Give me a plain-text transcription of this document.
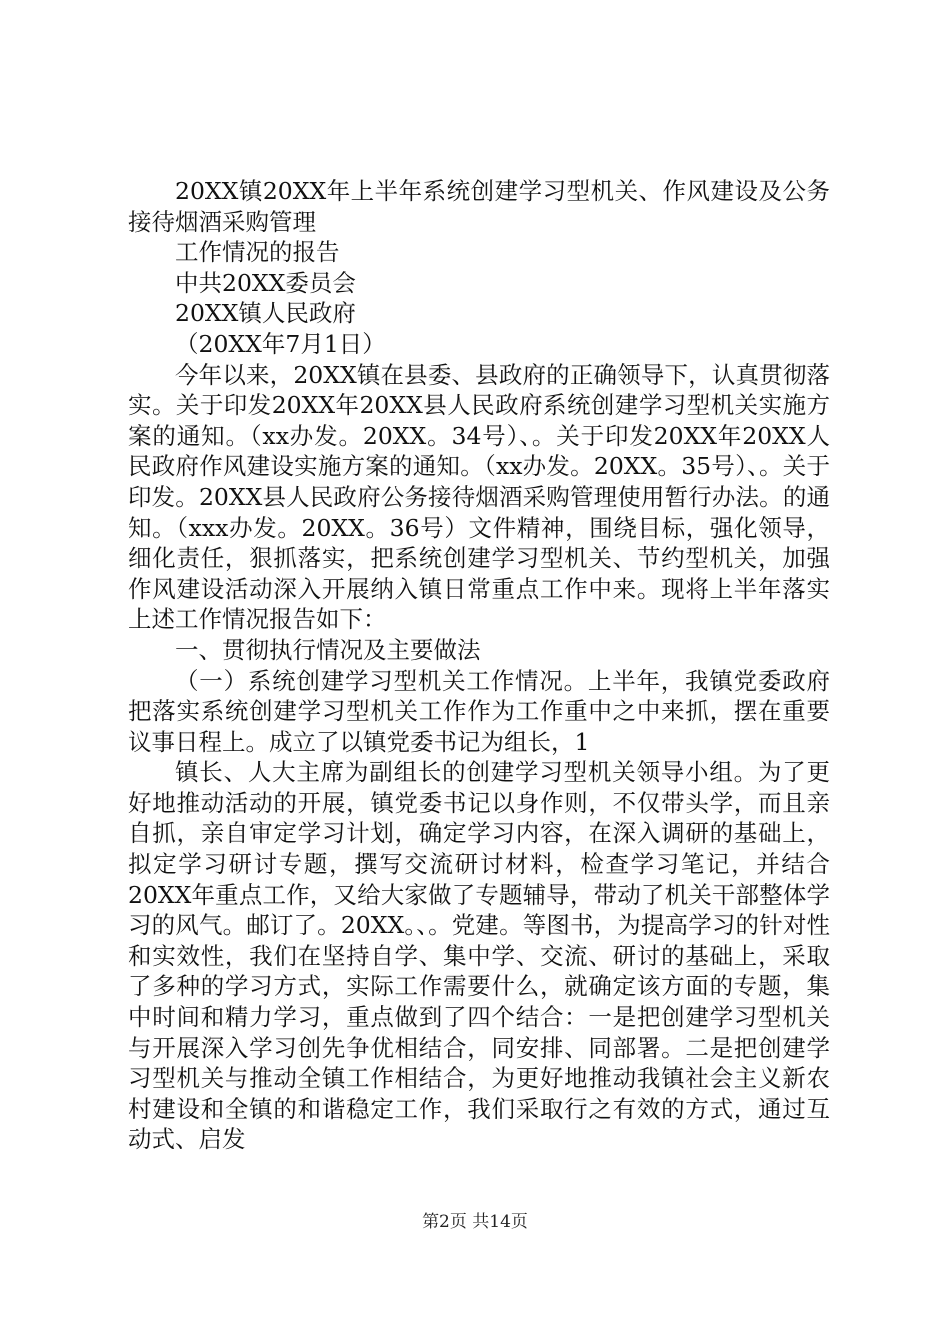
20XX镇20XX年上半年系统创建学习型机关、作风建设及公务接待烟酒采购管理

工作情况的报告

中共20XX委员会

20XX镇人民政府

（20XX年7月1日）

今年以来，20XX镇在县委、县政府的正确领导下，认真贯彻落实。关于印发20XX年20XX县人民政府系统创建学习型机关实施方案的通知。（xx办发。20XX。34号）、。关于印发20XX年20XX人民政府作风建设实施方案的通知。（xx办发。20XX。35号）、。关于印发。20XX县人民政府公务接待烟酒采购管理使用暂行办法。的通知。（xxx办发。20XX。36号）文件精神，围绕目标，强化领导，细化责任，狠抓落实，把系统创建学习型机关、节约型机关，加强作风建设活动深入开展纳入镇日常重点工作中来。现将上半年落实上述工作情况报告如下：

一、贯彻执行情况及主要做法

（一）系统创建学习型机关工作情况。上半年，我镇党委政府把落实系统创建学习型机关工作作为工作重中之中来抓，摆在重要议事日程上。成立了以镇党委书记为组长，1

镇长、人大主席为副组长的创建学习型机关领导小组。为了更好地推动活动的开展，镇党委书记以身作则，不仅带头学，而且亲自抓，亲自审定学习计划，确定学习内容，在深入调研的基础上，拟定学习研讨专题，撰写交流研讨材料，检查学习笔记，并结合20XX年重点工作，又给大家做了专题辅导，带动了机关干部整体学习的风气。邮订了。20XX。、。党建。等图书，为提高学习的针对性和实效性，我们在坚持自学、集中学、交流、研讨的基础上，采取了多种的学习方式，实际工作需要什么，就确定该方面的专题，集中时间和精力学习，重点做到了四个结合：一是把创建学习型机关与开展深入学习创先争优相结合，同安排、同部署。二是把创建学习型机关与推动全镇工作相结合，为更好地推动我镇社会主义新农村建设和全镇的和谐稳定工作，我们采取行之有效的方式，通过互动式、启发

第2页 共14页
